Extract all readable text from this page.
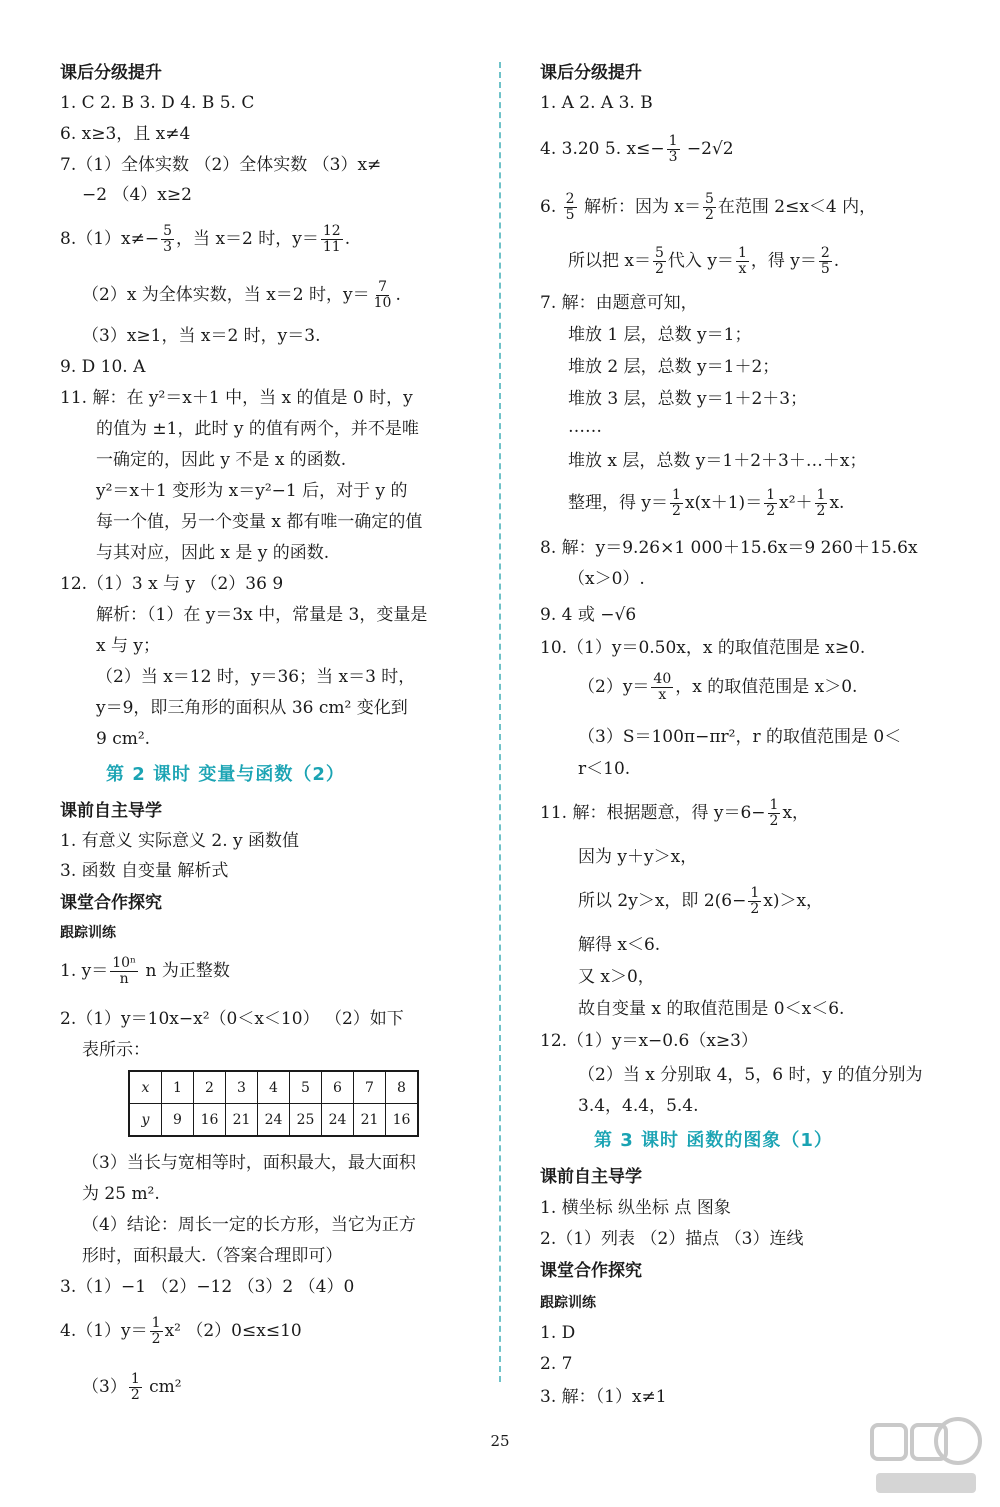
课后分级提升
1. C 2. B 3. D 4. B 5. C
6. x≥3，且 x≠4
7.（1）全体实数 （2）全体实数 （3）x≠
−2 （4）x≥2
$8.(1)x\ne- \frac{5}{3}$ ，当 x＝2 时，$y= \frac{12}{11}$ .
（2）x 为全体实数，当 x＝2 时，$y= \frac{7}{10}$ .
（3）x≥1，当 x＝2 时，y＝3.
9. D 10. A
11. 解：在 y²＝x＋1 中，当 x 的值是 0 时，y
的值为 ±1，此时 y 的值有两个，并不是唯
一确定的，因此 y 不是 x 的函数.
y²＝x＋1 变形为 x＝y²−1 后，对于 y 的
每一个值，另一个变量 x 都有唯一确定的值
与其对应，因此 x 是 y 的函数.
12.（1）3 x 与 y （2）36 9
解析：（1）在 y＝3x 中，常量是 3，变量是
x 与 y；
（2）当 x＝12 时，y＝36；当 x＝3 时，
y＝9，即三角形的面积从 36 cm² 变化到
9 cm².
第 2 课时 变量与函数（2）
课前自主导学
1. 有意义 实际意义 2. y 函数值
3. 函数 自变量 解析式
课堂合作探究
跟踪训练
1. $y= \frac{\text{10ⁿ}}{n}$ n 为正整数
2.（1）y＝10x−x²（0＜x＜10） （2）如下
表所示：
x	1	2	3	4	5	6	7	8
y	9	16	21	24	25	24	21	16
（3）当长与宽相等时，面积最大，最大面积
为 25 m².
（4）结论：周长一定的长方形，当它为正方
形时，面积最大.（答案合理即可）
3.（1）−1 （2）−12 （3）2 （4）0
$4.(1)y= \frac{1}{2} x^2$ （2）0≤x≤10
$(3) \frac{1}{2} cm^2$
课后分级提升
1. A 2. A 3. B
4. 3.20 5. $x\le- \frac{1}{3} -2√2$
6. $\frac{2}{5}$ 解析：因为 $x= \frac{5}{2}$ 在范围 2≤x＜4 内，
所以把 $x= \frac{5}{2}$ 代入 $y= \frac{1}{x}$ ，得 $y= \frac{2}{5}$ .
7. 解：由题意可知，
堆放 1 层，总数 y＝1；
堆放 2 层，总数 y＝1＋2；
堆放 3 层，总数 y＝1＋2＋3；
……
堆放 x 层，总数 y＝1＋2＋3＋…＋x；
整理，得 $y= \frac{1}{2} x(x+1)= \frac{1}{2} x^2+ \frac{1}{2} x$.
8. 解：y＝9.26×1 000＋15.6x＝9 260＋15.6x
（x＞0）.
9. 4 或 −√6
10.（1）y＝0.50x，x 的取值范围是 x≥0.
$(2)y= \frac{40}{x}$ ，x 的取值范围是 x＞0.
（3）S＝100π−πr²，r 的取值范围是 0＜
r＜10.
11. 解：根据题意，得 $y=6- \frac{1}{2}$ x，
因为 y＋y＞x，
所以 2y＞x，即 $2(6- \frac{1}{2} x)>x$，
解得 x＜6.
又 x＞0，
故自变量 x 的取值范围是 0＜x＜6.
12.（1）y＝x−0.6（x≥3）
（2）当 x 分别取 4，5，6 时，y 的值分别为
3.4，4.4，5.4.
第 3 课时 函数的图象（1）
课前自主导学
1. 横坐标 纵坐标 点 图象
2.（1）列表 （2）描点 （3）连线
课堂合作探究
跟踪训练
1. D
2. 7
3. 解：（1）x≠1
25
